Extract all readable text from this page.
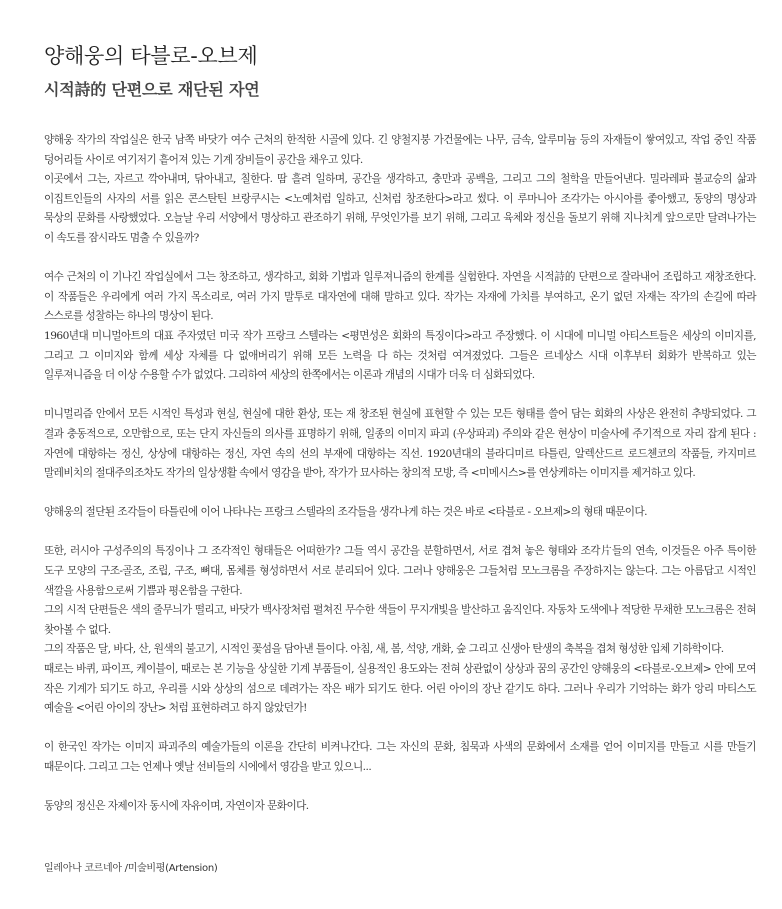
양해웅의 타블로-오브제
시적詩的 단편으로 재단된 자연

양해웅 작가의 작업실은 한국 남쪽 바닷가 여수 근처의 한적한 시골에 있다. 긴 양철지붕 가건물에는 나무, 금속, 알루미늄 등의 자재들이 쌓여있고, 작업 중인 작품 덩어리들 사이로 여기저기 흩어져 있는 기계 장비들이 공간을 채우고 있다.

이곳에서 그는, 자르고 깍아내며, 닦아내고, 칠한다. 땀 흘려 일하며, 공간을 생각하고, 충만과 공백을, 그리고 그의 철학을 만들어낸다. 밀라레파 불교승의 삶과 이집트인들의 사자의 서를 읽은 콘스탄틴 브랑쿠시는 <노예처럼 일하고, 신처럼 창조한다>라고 썼다. 이 루마니아 조각가는 아시아를 좋아했고, 동양의 명상과 묵상의 문화를 사랑했었다. 오늘날 우리 서양에서 명상하고 관조하기 위해, 무엇인가를 보기 위해, 그리고 육체와 정신을 돌보기 위해 지나치게 앞으로만 달려나가는 이 속도를 잠시라도 멈출 수 있을까?

여수 근처의 이 기나긴 작업실에서 그는 창조하고, 생각하고, 회화 기법과 일루져니즘의 한계를 실험한다. 자연을 시적詩的 단편으로 잘라내어 조립하고 재창조한다. 이 작품들은 우리에게 여러 가지 목소리로, 여러 가지 말투로 대자연에 대해 말하고 있다. 작가는 자재에 가치를 부여하고, 온기 없던 자재는 작가의 손길에 따라 스스로를 성찰하는 하나의 명상이 된다.

1960년대 미니멀아트의 대표 주자였던 미국 작가 프랑크 스텔라는 <평면성은 회화의 특징이다>라고 주장했다. 이 시대에 미니멀 아티스트들은 세상의 이미지를, 그리고 그 이미지와 함께 세상 자체를 다 없애버리기 위해 모든 노력을 다 하는 것처럼 여겨졌었다. 그들은 르네상스 시대 이후부터 회화가 반복하고 있는 일루져니즘을 더 이상 수용할 수가 없었다. 그리하여 세상의 한쪽에서는 이론과 개념의 시대가 더욱 더 심화되었다.

미니멀리즘 안에서 모든 시적인 특성과 현실, 현실에 대한 환상, 또는 재 창조된 현실에 표현할 수 있는 모든 형태를 쓸어 담는 회화의 사상은 완전히 추방되었다. 그 결과 충동적으로, 오만함으로, 또는 단지 자신들의 의사를 표명하기 위해, 일종의 이미지 파괴 (우상파괴) 주의와 같은 현상이 미술사에 주기적으로 자리 잡게 된다 : 자연에 대항하는 정신, 상상에 대항하는 정신, 자연 속의 선의 부재에 대항하는 직선. 1920년대의 블라디미르 타틀린, 알렉산드르 로드첸코의 작품들, 카지미르 말레비치의 절대주의조차도 작가의 일상생활 속에서 영감을 받아, 작가가 묘사하는 창의적 모방, 즉 <미메시스>를 연상케하는 이미지를 제거하고 있다.

양해웅의 절단된 조각들이 타틀린에 이어 나타나는 프랑크 스텔라의 조각들을 생각나게 하는 것은 바로 <타블로 - 오브제>의 형태 때문이다.

또한, 러시아 구성주의의 특징이나 그 조각적인 형태들은 어떠한가? 그들 역시 공간을 분할하면서, 서로 겹쳐 놓은 형태와 조각片들의 연속, 이것들은 아주 특이한 도구 모양의 구조-골조, 조립, 구조, 뼈대, 몸체를 형성하면서 서로 분리되어 있다. 그러나 양해웅은 그들처럼 모노크롬을 주장하지는 않는다. 그는 아름답고 시적인 색깔을 사용함으로써 기쁨과 평온함을 구한다.

그의 시적 단편들은 색의 줄무늬가 떨리고, 바닷가 백사장처럼 펼쳐진 무수한 색들이 무지개빛을 발산하고 움직인다. 자동차 도색에나 적당한 무채한 모노크롬은 전혀 찾아볼 수 없다.

그의 작품은 달, 바다, 산, 원색의 불고기, 시적인 꽃섬을 담아낸 틀이다. 아침, 새, 봄, 석양, 개화, 숲 그리고 신생아 탄생의 축복을 겹쳐 형성한 입체 기하학이다.

때로는 바퀴, 파이프, 케이블이, 때로는 본 기능을 상실한 기계 부품들이, 실용적인 용도와는 전혀 상관없이 상상과 꿈의 공간인 양해웅의 <타블로-오브제> 안에 모여 작은 기계가 되기도 하고, 우리를 시와 상상의 섬으로 데려가는 작은 배가 되기도 한다. 어린 아이의 장난 같기도 하다. 그러나 우리가 기억하는 화가 앙리 마티스도 예술을 <어린 아이의 장난> 처럼 표현하려고 하지 않았던가!

이 한국인 작가는 이미지 파괴주의 예술가들의 이론을 간단히 비켜나간다. 그는 자신의 문화, 침묵과 사색의 문화에서 소재를 얻어 이미지를 만들고 시를 만들기 때문이다. 그리고 그는 언제나 옛날 선비들의 시에에서 영감을 받고 있으니...

동양의 정신은 자제이자 동시에 자유이며, 자연이자 문화이다.

일레아나 코르네아 /미술비평(Artension)
